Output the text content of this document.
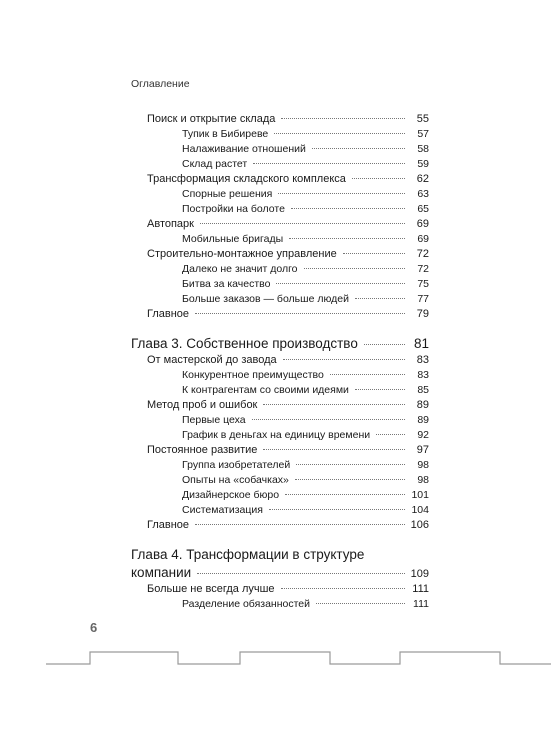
Оглавление
Поиск и открытие склада	55
Тупик в Бибиреве	57
Налаживание отношений	58
Склад растет	59
Трансформация складского комплекса	62
Спорные решения	63
Постройки на болоте	65
Автопарк	69
Мобильные бригады	69
Строительно-монтажное управление	72
Далеко не значит долго	72
Битва за качество	75
Больше заказов — больше людей	77
Главное	79
Глава 3. Собственное производство	81
От мастерской до завода	83
Конкурентное преимущество	83
К контрагентам со своими идеями	85
Метод проб и ошибок	89
Первые цеха	89
График в деньгах на единицу времени	92
Постоянное развитие	97
Группа изобретателей	98
Опыты на «собачках»	98
Дизайнерское бюро	101
Систематизация	104
Главное	106
Глава 4. Трансформации в структуре
компании	109
Больше не всегда лучше	111
Разделение обязанностей	111
6
